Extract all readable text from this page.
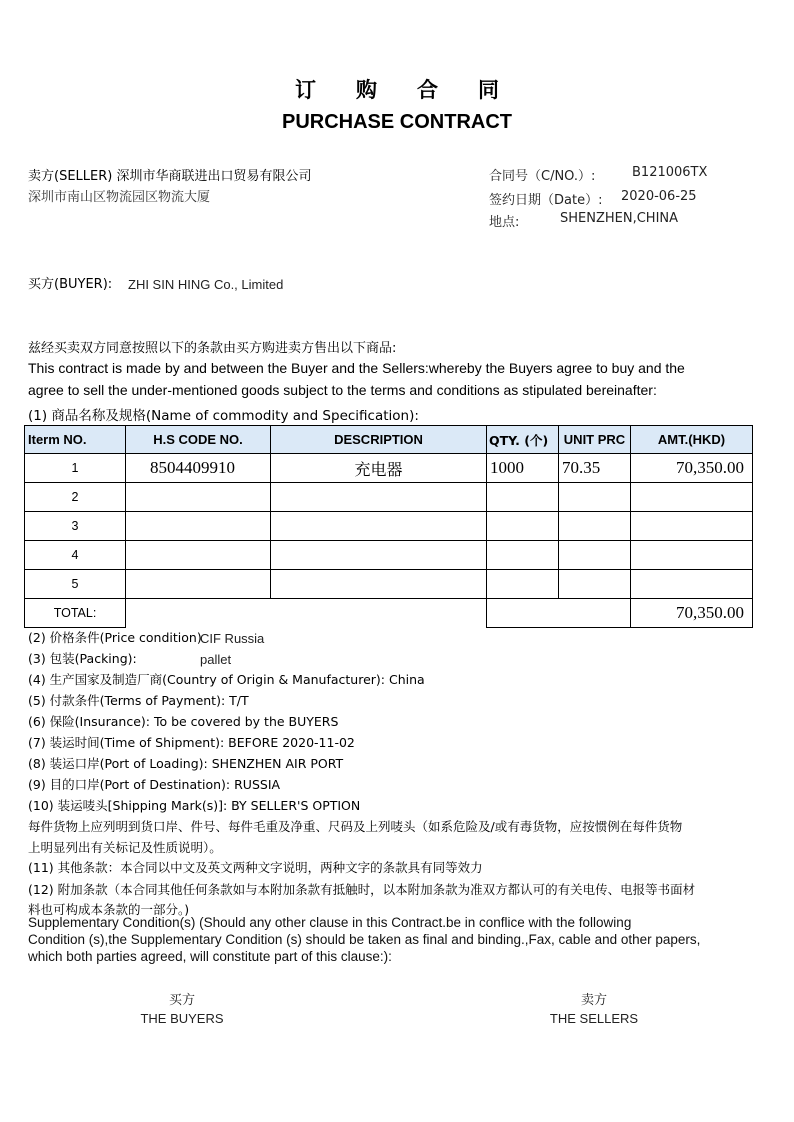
订购合同
PURCHASE CONTRACT
卖方(SELLER) 深圳市华商联进出口贸易有限公司
深圳市南山区物流园区物流大厦
合同号（C/NO.）:	B121006TX
签约日期（Date）: 2020-06-25
地点:	SHENZHEN,CHINA
买方(BUYER): ZHI SIN HING Co., Limited
兹经买卖双方同意按照以下的条款由买方购进卖方售出以下商品:
This contract is made by and between the Buyer and the Sellers:whereby the Buyers agree to buy and the
agree to sell the under-mentioned goods subject to the terms and conditions as stipulated bereinafter:
(1) 商品名称及规格(Name of commodity and Specification):
Iterm NO.	H.S CODE NO.	DESCRIPTION	QTY. (个)	UNIT PRC	AMT.(HKD)
1	8504409910	充电器	1000	70.35	70,350.00
2					
3					
4					
5					
TOTAL:					70,350.00
(2) 价格条件(Price condition)
CIF Russia
(3) 包装(Packing):	pallet
(4) 生产国家及制造厂商(Country of Origin & Manufacturer): China
(5) 付款条件(Terms of Payment): T/T
(6) 保险(Insurance): To be covered by the BUYERS
(7) 装运时间(Time of Shipment): BEFORE 2020-11-02
(8) 装运口岸(Port of Loading): SHENZHEN AIR PORT
(9) 目的口岸(Port of Destination): RUSSIA
(10) 装运唛头[Shipping Mark(s)]: BY SELLER'S OPTION
每件货物上应列明到货口岸、件号、每件毛重及净重、尺码及上列唛头（如系危险及/或有毒货物，应按惯例在每件货物
上明显列出有关标记及性质说明）。
(11) 其他条款：本合同以中文及英文两种文字说明，两种文字的条款具有同等效力
(12) 附加条款（本合同其他任何条款如与本附加条款有抵触时，以本附加条款为准双方都认可的有关电传、电报等书面材
料也可构成本条款的一部分。)
Supplementary Condition(s) (Should any other clause in this Contract.be in conflice with the following
Condition (s),the Supplementary Condition (s) should be taken as final and binding.,Fax, cable and other papers,
which both parties agreed, will constitute part of this clause:):
买方
THE BUYERS
卖方
THE SELLERS
